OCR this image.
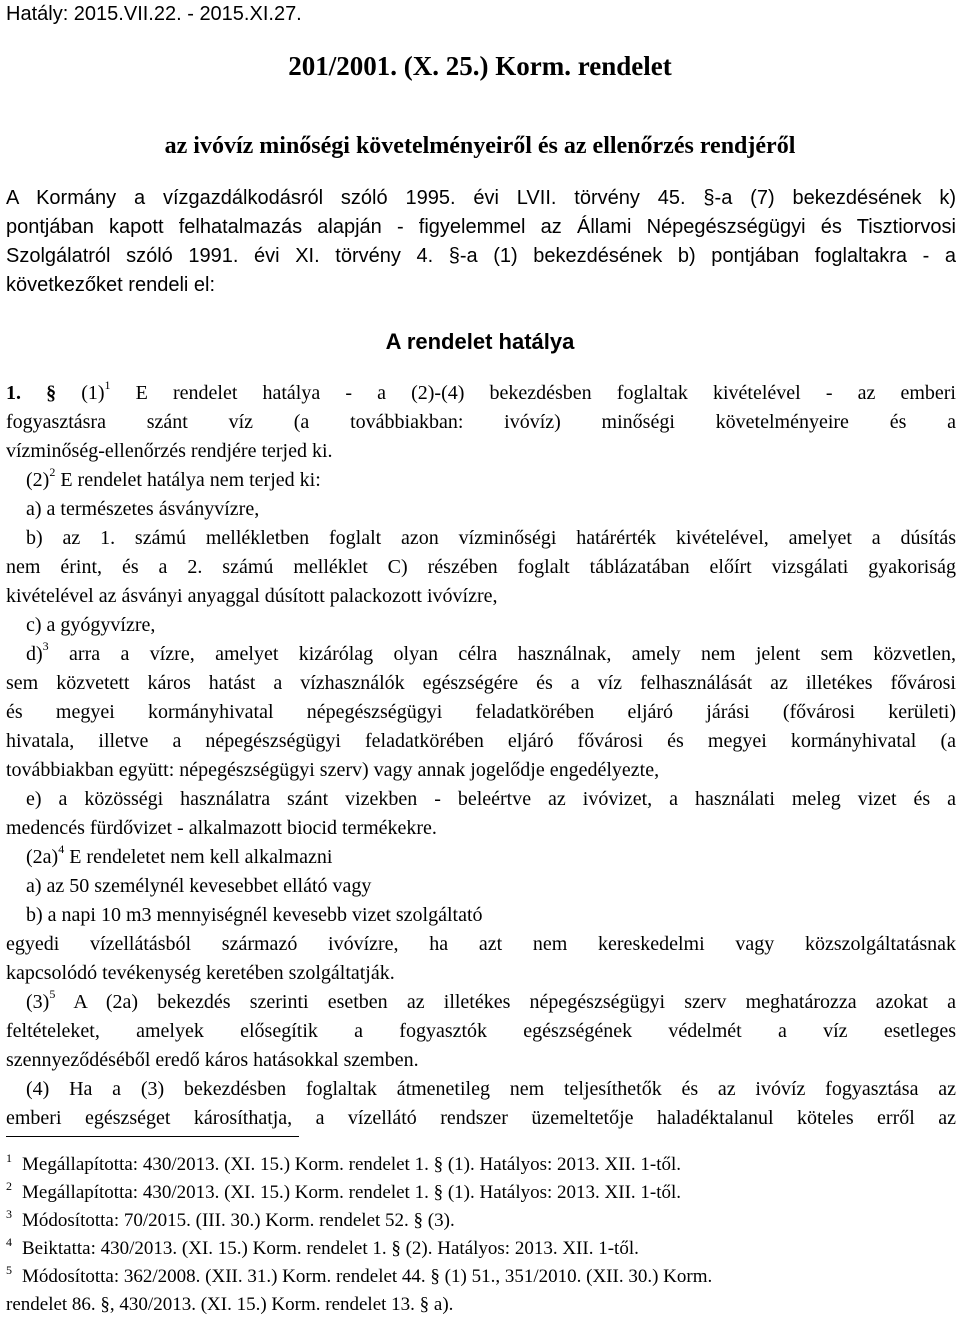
Hatály: 2015.VII.22. - 2015.XI.27.
201/2001. (X. 25.) Korm. rendelet
az ivóvíz minőségi követelményeiről és az ellenőrzés rendjéről
A Kormány a vízgazdálkodásról szóló 1995. évi LVII. törvény 45. §-a (7) bekezdésének k)
pontjában kapott felhatalmazás alapján - figyelemmel az Állami Népegészségügyi és Tisztiorvosi
Szolgálatról szóló 1991. évi XI. törvény 4. §-a (1) bekezdésének b) pontjában foglaltakra - a
következőket rendeli el:
A rendelet hatálya
1. § $(1)^1$ E rendelet hatálya - a (2)-(4) bekezdésben foglaltak kivételével - az emberi
fogyasztásra szánt víz (a továbbiakban: ivóvíz) minőségi követelményeire és a
vízminőség-ellenőrzés rendjére terjed ki.
$(2)^2$ E rendelet hatálya nem terjed ki:
a) a természetes ásványvízre,
b) az 1. számú mellékletben foglalt azon vízminőségi határérték kivételével, amelyet a dúsítás
nem érint, és a 2. számú melléklet C) részében foglalt táblázatában előírt vizsgálati gyakoriság
kivételével az ásványi anyaggal dúsított palackozott ivóvízre,
c) a gyógyvízre,
d)$^3$ arra a vízre, amelyet kizárólag olyan célra használnak, amely nem jelent sem közvetlen,
sem közvetett káros hatást a vízhasználók egészségére és a víz felhasználását az illetékes fővárosi
és megyei kormányhivatal népegészségügyi feladatkörében eljáró járási (fővárosi kerületi)
hivatala, illetve a népegészségügyi feladatkörében eljáró fővárosi és megyei kormányhivatal (a
továbbiakban együtt: népegészségügyi szerv) vagy annak jogelődje engedélyezte,
e) a közösségi használatra szánt vizekben - beleértve az ivóvizet, a használati meleg vizet és a
medencés fürdővizet - alkalmazott biocid termékekre.
$(2a)^4$ E rendeletet nem kell alkalmazni
a) az 50 személynél kevesebbet ellátó vagy
b) a napi 10 m3 mennyiségnél kevesebb vizet szolgáltató
egyedi vízellátásból származó ivóvízre, ha azt nem kereskedelmi vagy közszolgáltatásnak
kapcsolódó tevékenység keretében szolgáltatják.
$(3)^5$ A (2a) bekezdés szerinti esetben az illetékes népegészségügyi szerv meghatározza azokat a
feltételeket, amelyek elősegítik a fogyasztók egészségének védelmét a víz esetleges
szennyeződéséből eredő káros hatásokkal szemben.
(4) Ha a (3) bekezdésben foglaltak átmenetileg nem teljesíthetők és az ivóvíz fogyasztása az
emberi egészséget károsíthatja, a vízellátó rendszer üzemeltetője haladéktalanul köteles erről az
1 Megállapította: 430/2013. (XI. 15.) Korm. rendelet 1. § (1). Hatályos: 2013. XII. 1-től.
2 Megállapította: 430/2013. (XI. 15.) Korm. rendelet 1. § (1). Hatályos: 2013. XII. 1-től.
3 Módosította: 70/2015. (III. 30.) Korm. rendelet 52. § (3).
4 Beiktatta: 430/2013. (XI. 15.) Korm. rendelet 1. § (2). Hatályos: 2013. XII. 1-től.
5 Módosította: 362/2008. (XII. 31.) Korm. rendelet 44. § (1) 51., 351/2010. (XII. 30.) Korm.
rendelet 86. §, 430/2013. (XI. 15.) Korm. rendelet 13. § a).
